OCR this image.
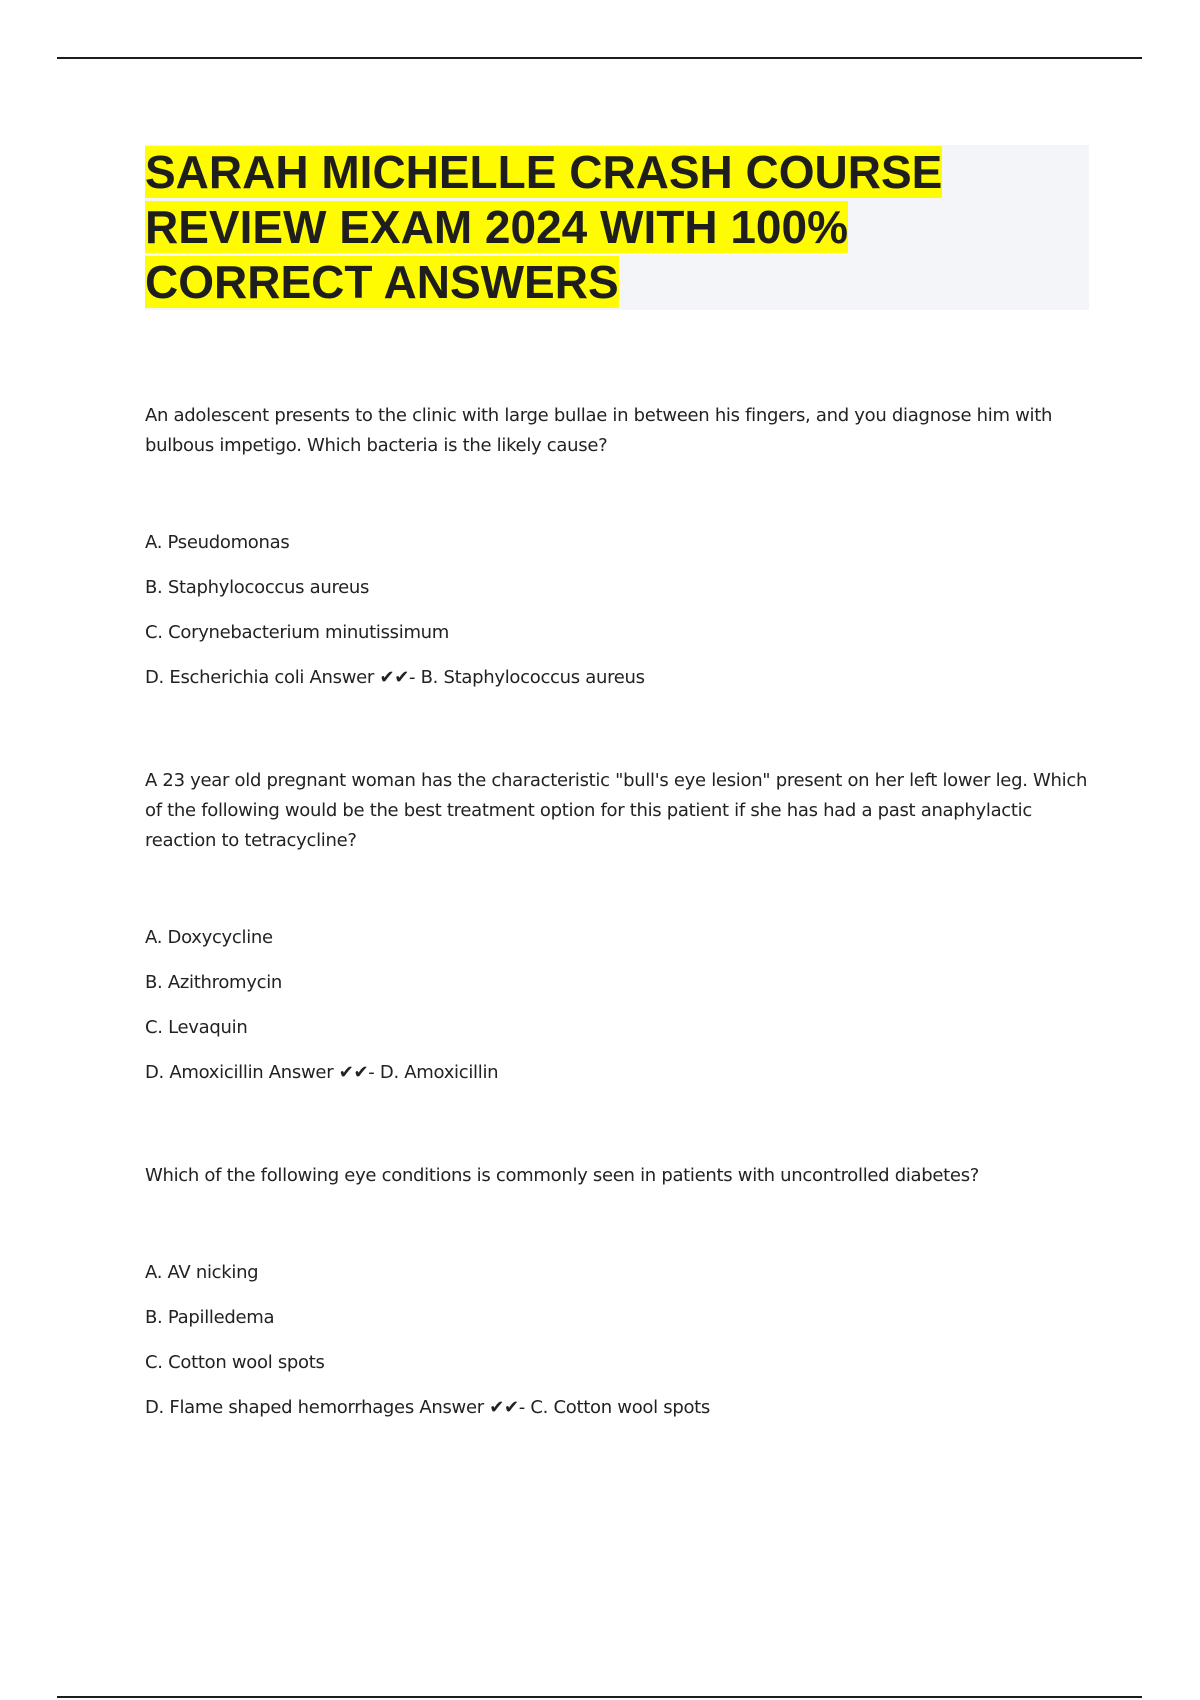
SARAH MICHELLE CRASH COURSE REVIEW EXAM 2024 WITH 100% CORRECT ANSWERS

An adolescent presents to the clinic with large bullae in between his fingers, and you diagnose him with bulbous impetigo. Which bacteria is the likely cause?

A. Pseudomonas

B. Staphylococcus aureus

C. Corynebacterium minutissimum

D. Escherichia coli Answer ✔✔- B. Staphylococcus aureus

A 23 year old pregnant woman has the characteristic "bull's eye lesion" present on her left lower leg. Which of the following would be the best treatment option for this patient if she has had a past anaphylactic reaction to tetracycline?

A. Doxycycline

B. Azithromycin

C. Levaquin

D. Amoxicillin Answer ✔✔- D. Amoxicillin

Which of the following eye conditions is commonly seen in patients with uncontrolled diabetes?

A. AV nicking

B. Papilledema

C. Cotton wool spots

D. Flame shaped hemorrhages Answer ✔✔- C. Cotton wool spots
